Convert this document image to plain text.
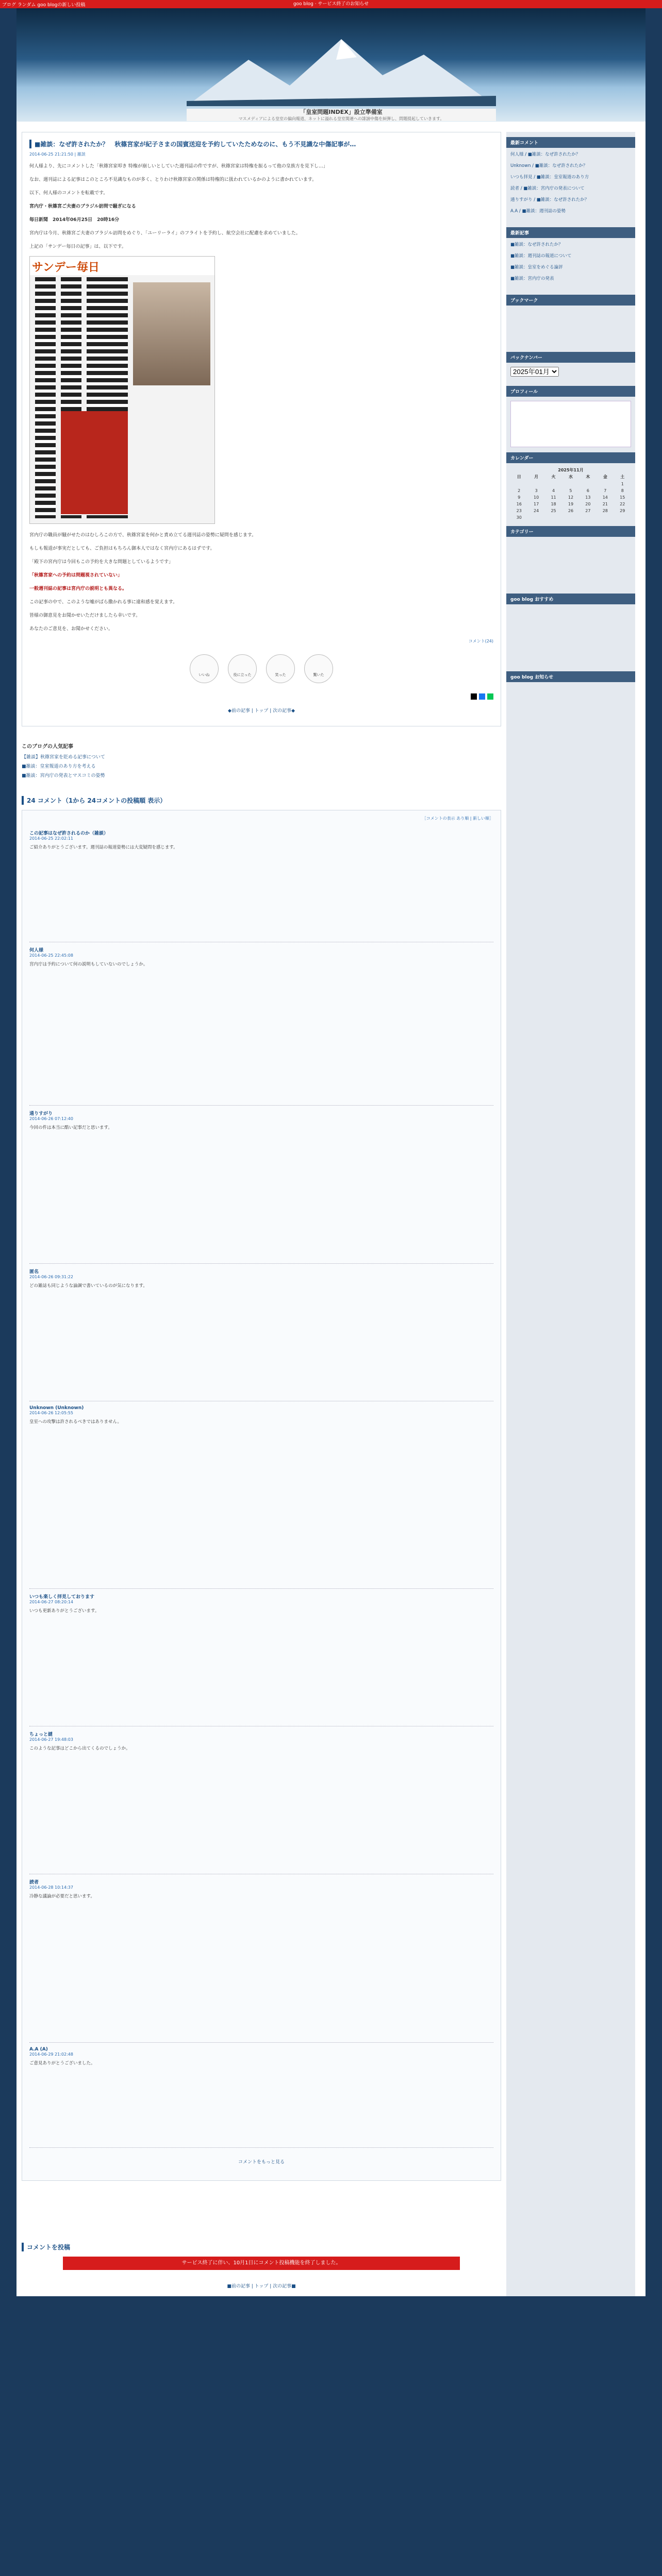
goo blog · サービス終了のお知らせ
ブログ ランダム goo blogの新しい投稿
「皇室問題INDEX」設立準備室
マスメディアによる皇室の偏向報道、ネットに溢れる皇室関連への誹謗中傷を糾弾し、問題提起していきます。
■雑談：なぜ許されたか？　秋篠宮家が紀子さまの国賓送迎を予約していたためなのに、もう不見識な中傷記事が…
2014-06-25 21:21:50 | 雑談

何人様より、先にコメントした「秋篠宮家叩き 特権が崩しいとしていた週刊誌の件ですが、秋篠宮家は特権を振るって他の皇族方を見下し…」

なお、週刊誌による記事はこのところ不見識なものが多く、とりわけ秋篠宮家の関係は特権的に扱われているかのように書かれています。

以下、何人様のコメントを転載です。

宮内庁・秋篠宮ご夫妻のブラジル訪問で騒ぎになる

毎日新聞　2014年06月25日　20時16分

宮内庁は今月、秋篠宮ご夫妻のブラジル訪問をめぐり、「ユーリーライ」のフライトを予約し、航空会社に配慮を求めていました。

上記の「サンデー毎日の記事」は、以下です。

サンデー毎日

宮内庁の職員が騒がせたのはむしろこの方で、秋篠宮家を何かと責め立てる週刊誌の姿勢に疑問を感じます。

もしも報道が事実だとしても、ご負担はもちろん御本人ではなく宮内庁にあるはずです。

「殿下の宮内庁は今回もこの予約を大きな問題としているようです」

「秋篠宮家への予約は問題視されていない」

一般週刊誌の記事は宮内庁の説明とも異なる。

この記事の中で、このような嘘がばら撒かれる事に違和感を覚えます。

皆様の御意見をお聞かせいただけましたら幸いです。

あなたのご意見を、お聞かせください。

コメント(24)
いいね	役に立った	笑った	驚いた
◆前の記事 | トップ | 次の記事◆
このブログの人気記事
【雑談】秋篠宮家を貶める記事について
■雑談：皇室報道のあり方を考える
■雑談：宮内庁の発表とマスコミの姿勢
24 コメント（1から 24コメントの投稿順 表示）
［コメントの表示 あり順 | 新しい順］
この記事はなぜ許されるのか（雑談）
2014-06-25 22:02:11

ご紹介ありがとうございます。週刊誌の報道姿勢には大変疑問を感じます。

何人様
2014-06-25 22:45:08

宮内庁は予約について何の説明もしていないのでしょうか。

通りすがり
2014-06-26 07:12:40

今回の件は本当に酷い記事だと思います。

匿名
2014-06-26 09:31:22

どの雑誌も同じような論調で書いているのが気になります。

Unknown (Unknown)
2014-06-26 12:05:55

皇室への攻撃は許されるべきではありません。

いつも楽しく拝見しております
2014-06-27 08:20:14

いつも更新ありがとうございます。

ちょっと謎
2014-06-27 19:48:03

このような記事はどこから出てくるのでしょうか。

読者
2014-06-28 10:14:37

冷静な議論が必要だと思います。

A.A (A)
2014-06-29 21:02:48

ご意見ありがとうございました。

コメントをもっと見る
コメントを投稿
サービス終了に伴い、10月1日にコメント投稿機能を終了しました。
■前の記事 | トップ | 次の記事■
最新コメント
何人様 / ■雑談：なぜ許されたか？
Unknown / ■雑談：なぜ許されたか？
いつも拝見 / ■雑談：皇室報道のあり方
読者 / ■雑談：宮内庁の発表について
通りすがり / ■雑談：なぜ許されたか？
A.A / ■雑談：週刊誌の姿勢
最新記事
■雑談：なぜ許されたか？
■雑談：週刊誌の報道について
■雑談：皇室をめぐる論評
■雑談：宮内庁の発表
ブックマーク
バックナンバー
2025年01月
プロフィール
カレンダー
2025年11月
日	月	火	水	木	金	土
						1
2	3	4	5	6	7	8
9	10	11	12	13	14	15
16	17	18	19	20	21	22
23	24	25	26	27	28	29
30						
カテゴリー
goo blog おすすめ
goo blog お知らせ
